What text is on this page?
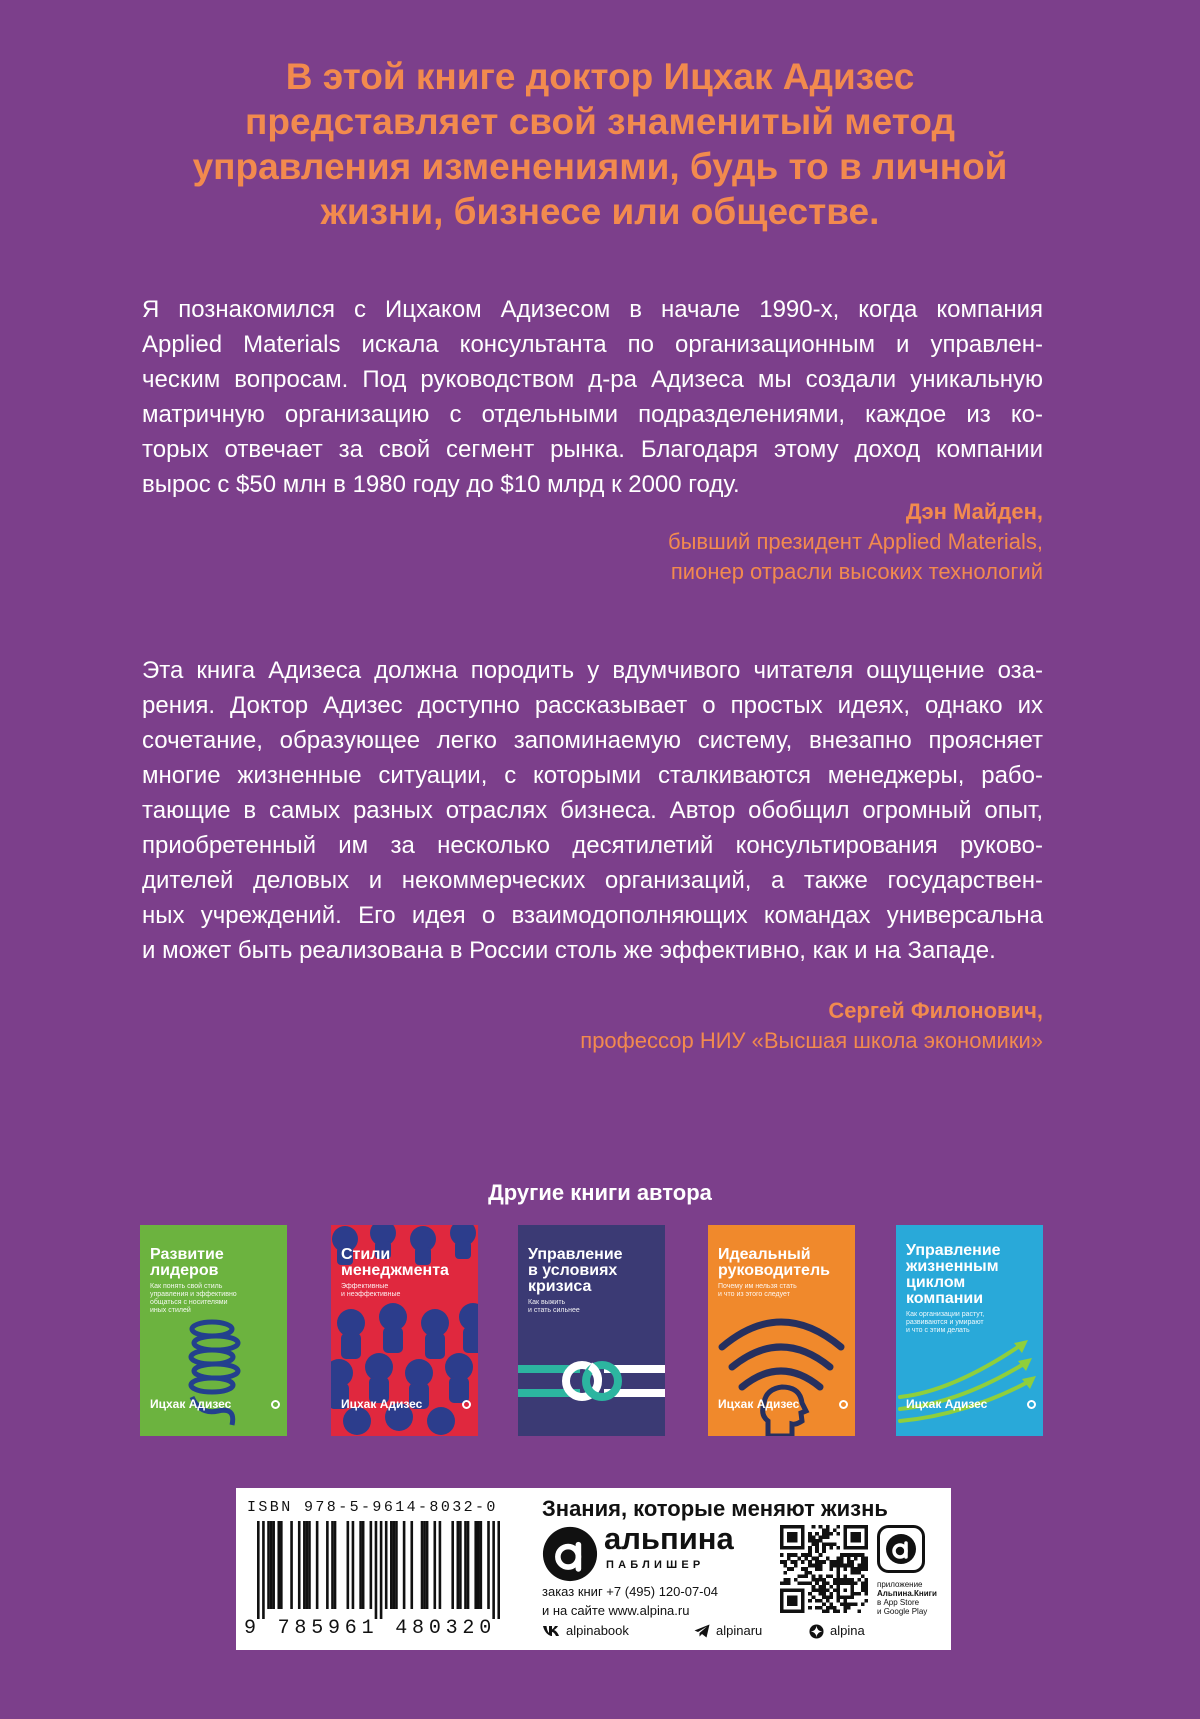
В этой книге доктор Ицхак Адизес
представляет свой знаменитый метод
управления изменениями, будь то в личной
жизни, бизнесе или обществе.
Я познакомился с Ицхаком Адизесом в начале 1990-х, когда компания
Applied Materials искала консультанта по организационным и управлен-
ческим вопросам. Под руководством д-ра Адизеса мы создали уникальную
матричную организацию с отдельными подразделениями, каждое из ко-
торых отвечает за свой сегмент рынка. Благодаря этому доход компании
вырос с $50 млн в 1980 году до $10 млрд к 2000 году.
Дэн Майден,
бывший президент Applied Materials,
пионер отрасли высоких технологий
Эта книга Адизеса должна породить у вдумчивого читателя ощущение оза-
рения. Доктор Адизес доступно рассказывает о простых идеях, однако их
сочетание, образующее легко запоминаемую систему, внезапно проясняет
многие жизненные ситуации, с которыми сталкиваются менеджеры, рабо-
тающие в самых разных отраслях бизнеса. Автор обобщил огромный опыт,
приобретенный им за несколько десятилетий консультирования руково-
дителей деловых и некоммерческих организаций, а также государствен-
ных учреждений. Его идея о взаимодополняющих командах универсальна
и может быть реализована в России столь же эффективно, как и на Западе.
Сергей Филонович,
профессор НИУ «Высшая школа экономики»
Другие книги автора
Развитие
лидеров
Как понять свой стиль
управления и эффективно
общаться с носителями
иных стилей
Ицхак Адизес
Стили
менеджмента
Эффективные
и неэффективные
Ицхак Адизес
Управление
в условиях
кризиса
Как выжить
и стать сильнее
Идеальный
руководитель
Почему им нельзя стать
и что из этого следует
Ицхак Адизес
Управление
жизненным
циклом
компании
Как организации растут,
развиваются и умирают
и что с этим делать
Ицхак Адизес
ISBN 978-5-9614-8032-0
9 785961 480320
Знания, которые меняют жизнь
альпина
ПАБЛИШЕР
заказ книг +7 (495) 120-07-04
и на сайте www.alpina.ru
alpinabook	alpinaru	alpina
приложение
Альпина.Книги
в App Store
и Google Play
